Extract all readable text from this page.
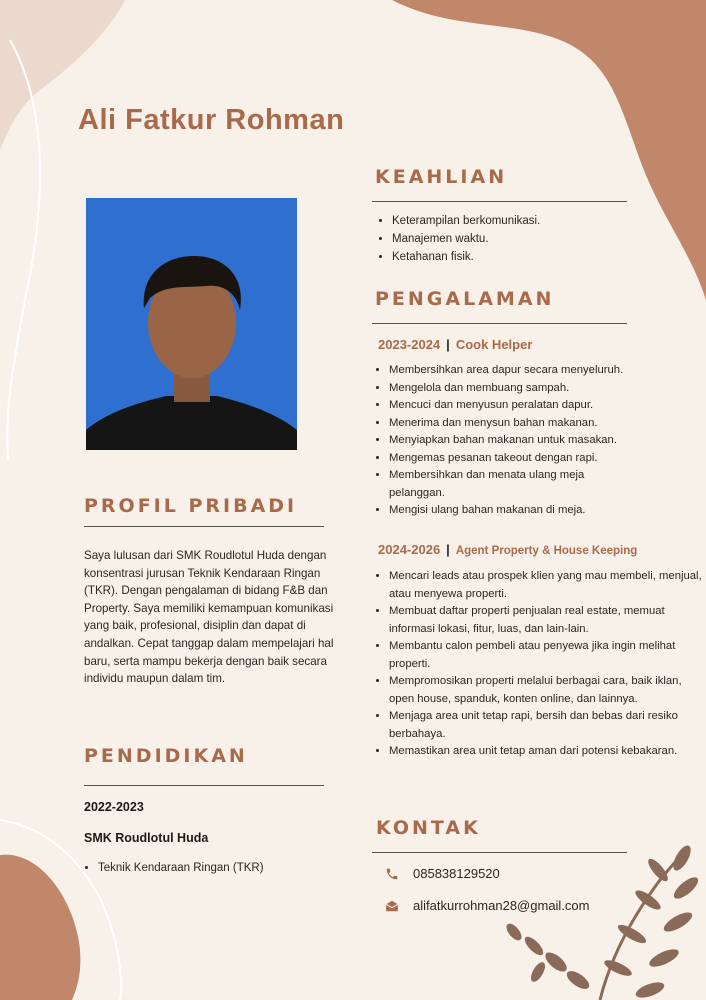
Ali Fatkur Rohman
PROFIL PRIBADI

Saya lulusan dari SMK Roudlotul Huda dengan konsentrasi jurusan Teknik Kendaraan Ringan (TKR). Dengan pengalaman di bidang F&B dan Property. Saya memiliki kemampuan komunikasi yang baik, profesional, disiplin dan dapat di andalkan. Cepat tanggap dalam mempelajari hal baru, serta mampu bekerja dengan baik secara individu maupun dalam tim.

PENDIDIKAN
2022-2023
SMK Roudlotul Huda
• Teknik Kendaraan Ringan (TKR)
KEAHLIAN
• Keterampilan berkomunikasi.
• Manajemen waktu.
• Ketahanan fisik.
PENGALAMAN
2023-2024 | Cook Helper
• Membersihkan area dapur secara menyeluruh.
• Mengelola dan membuang sampah.
• Mencuci dan menyusun peralatan dapur.
• Menerima dan menysun bahan makanan.
• Menyiapkan bahan makanan untuk masakan.
• Mengemas pesanan takeout dengan rapi.
• Membersihkan dan menata ulang meja pelanggan.
• Mengisi ulang bahan makanan di meja.
2024-2026 | Agent Property & House Keeping
• Mencari leads atau prospek klien yang mau membeli, menjual, atau menyewa properti.
• Membuat daftar properti penjualan real estate, memuat informasi lokasi, fitur, luas, dan lain-lain.
• Membantu calon pembeli atau penyewa jika ingin melihat properti.
• Mempromosikan properti melalui berbagai cara, baik iklan, open house, spanduk, konten online, dan lainnya.
• Menjaga area unit tetap rapi, bersih dan bebas dari resiko berbahaya.
• Memastikan area unit tetap aman dari potensi kebakaran.
KONTAK
085838129520
alifatkurrohman28@gmail.com
